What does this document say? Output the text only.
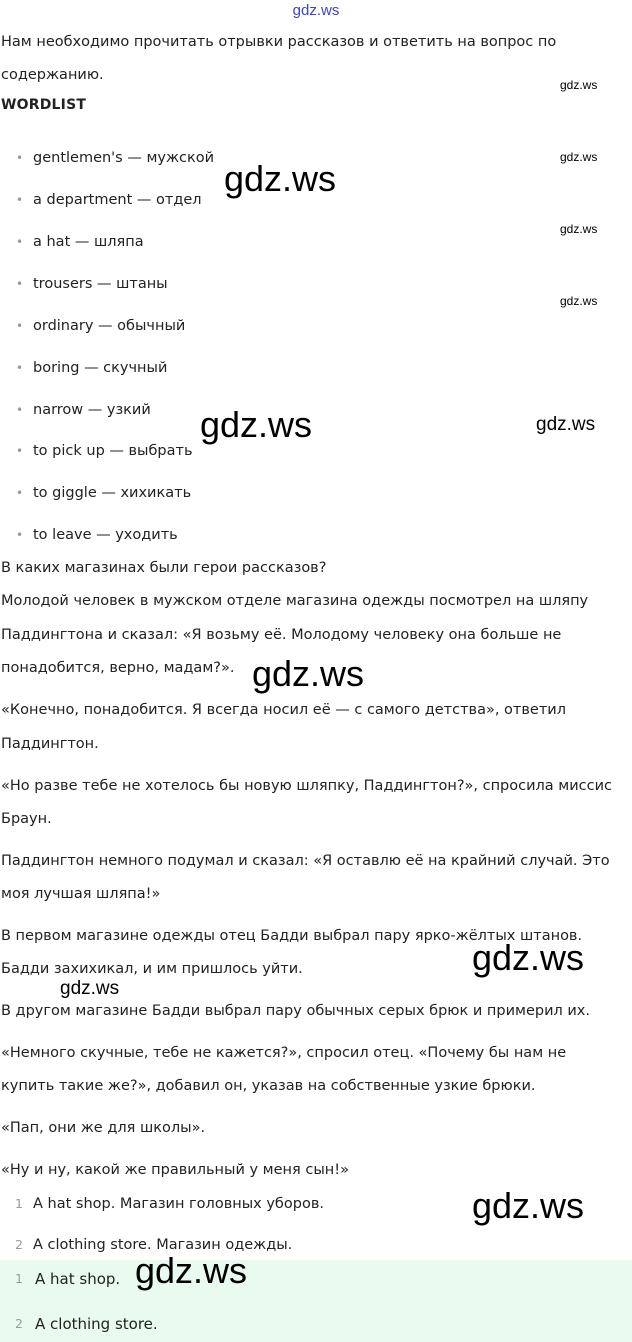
gdz.ws
Нам необходимо прочитать отрывки рассказов и ответить на вопрос по
содержанию.
WORDLIST
• gentlemen's — мужской
• a department — отдел
• a hat — шляпа
• trousers — штаны
• ordinary — обычный
• boring — скучный
• narrow — узкий
• to pick up — выбрать
• to giggle — хихикать
• to leave — уходить
В каких магазинах были герои рассказов?
Молодой человек в мужском отделе магазина одежды посмотрел на шляпу
Паддингтона и сказал: «Я возьму её. Молодому человеку она больше не
понадобится, верно, мадам?».
«Конечно, понадобится. Я всегда носил её — с самого детства», ответил
Паддингтон.
«Но разве тебе не хотелось бы новую шляпку, Паддингтон?», спросила миссис
Браун.
Паддингтон немного подумал и сказал: «Я оставлю её на крайний случай. Это
моя лучшая шляпа!»
В первом магазине одежды отец Бадди выбрал пару ярко-жёлтых штанов.
Бадди захихикал, и им пришлось уйти.
В другом магазине Бадди выбрал пару обычных серых брюк и примерил их.
«Немного скучные, тебе не кажется?», спросил отец. «Почему бы нам не
купить такие же?», добавил он, указав на собственные узкие брюки.
«Пап, они же для школы».
«Ну и ну, какой же правильный у меня сын!»
1 A hat shop. Магазин головных уборов.
2 A clothing store. Магазин одежды.
1 A hat shop.
2 A clothing store.
gdz.ws
gdz.ws
gdz.ws
gdz.ws
gdz.ws
gdz.ws	gdz.ws
gdz.ws
gdz.ws
gdz.ws
gdz.ws
gdz.ws
